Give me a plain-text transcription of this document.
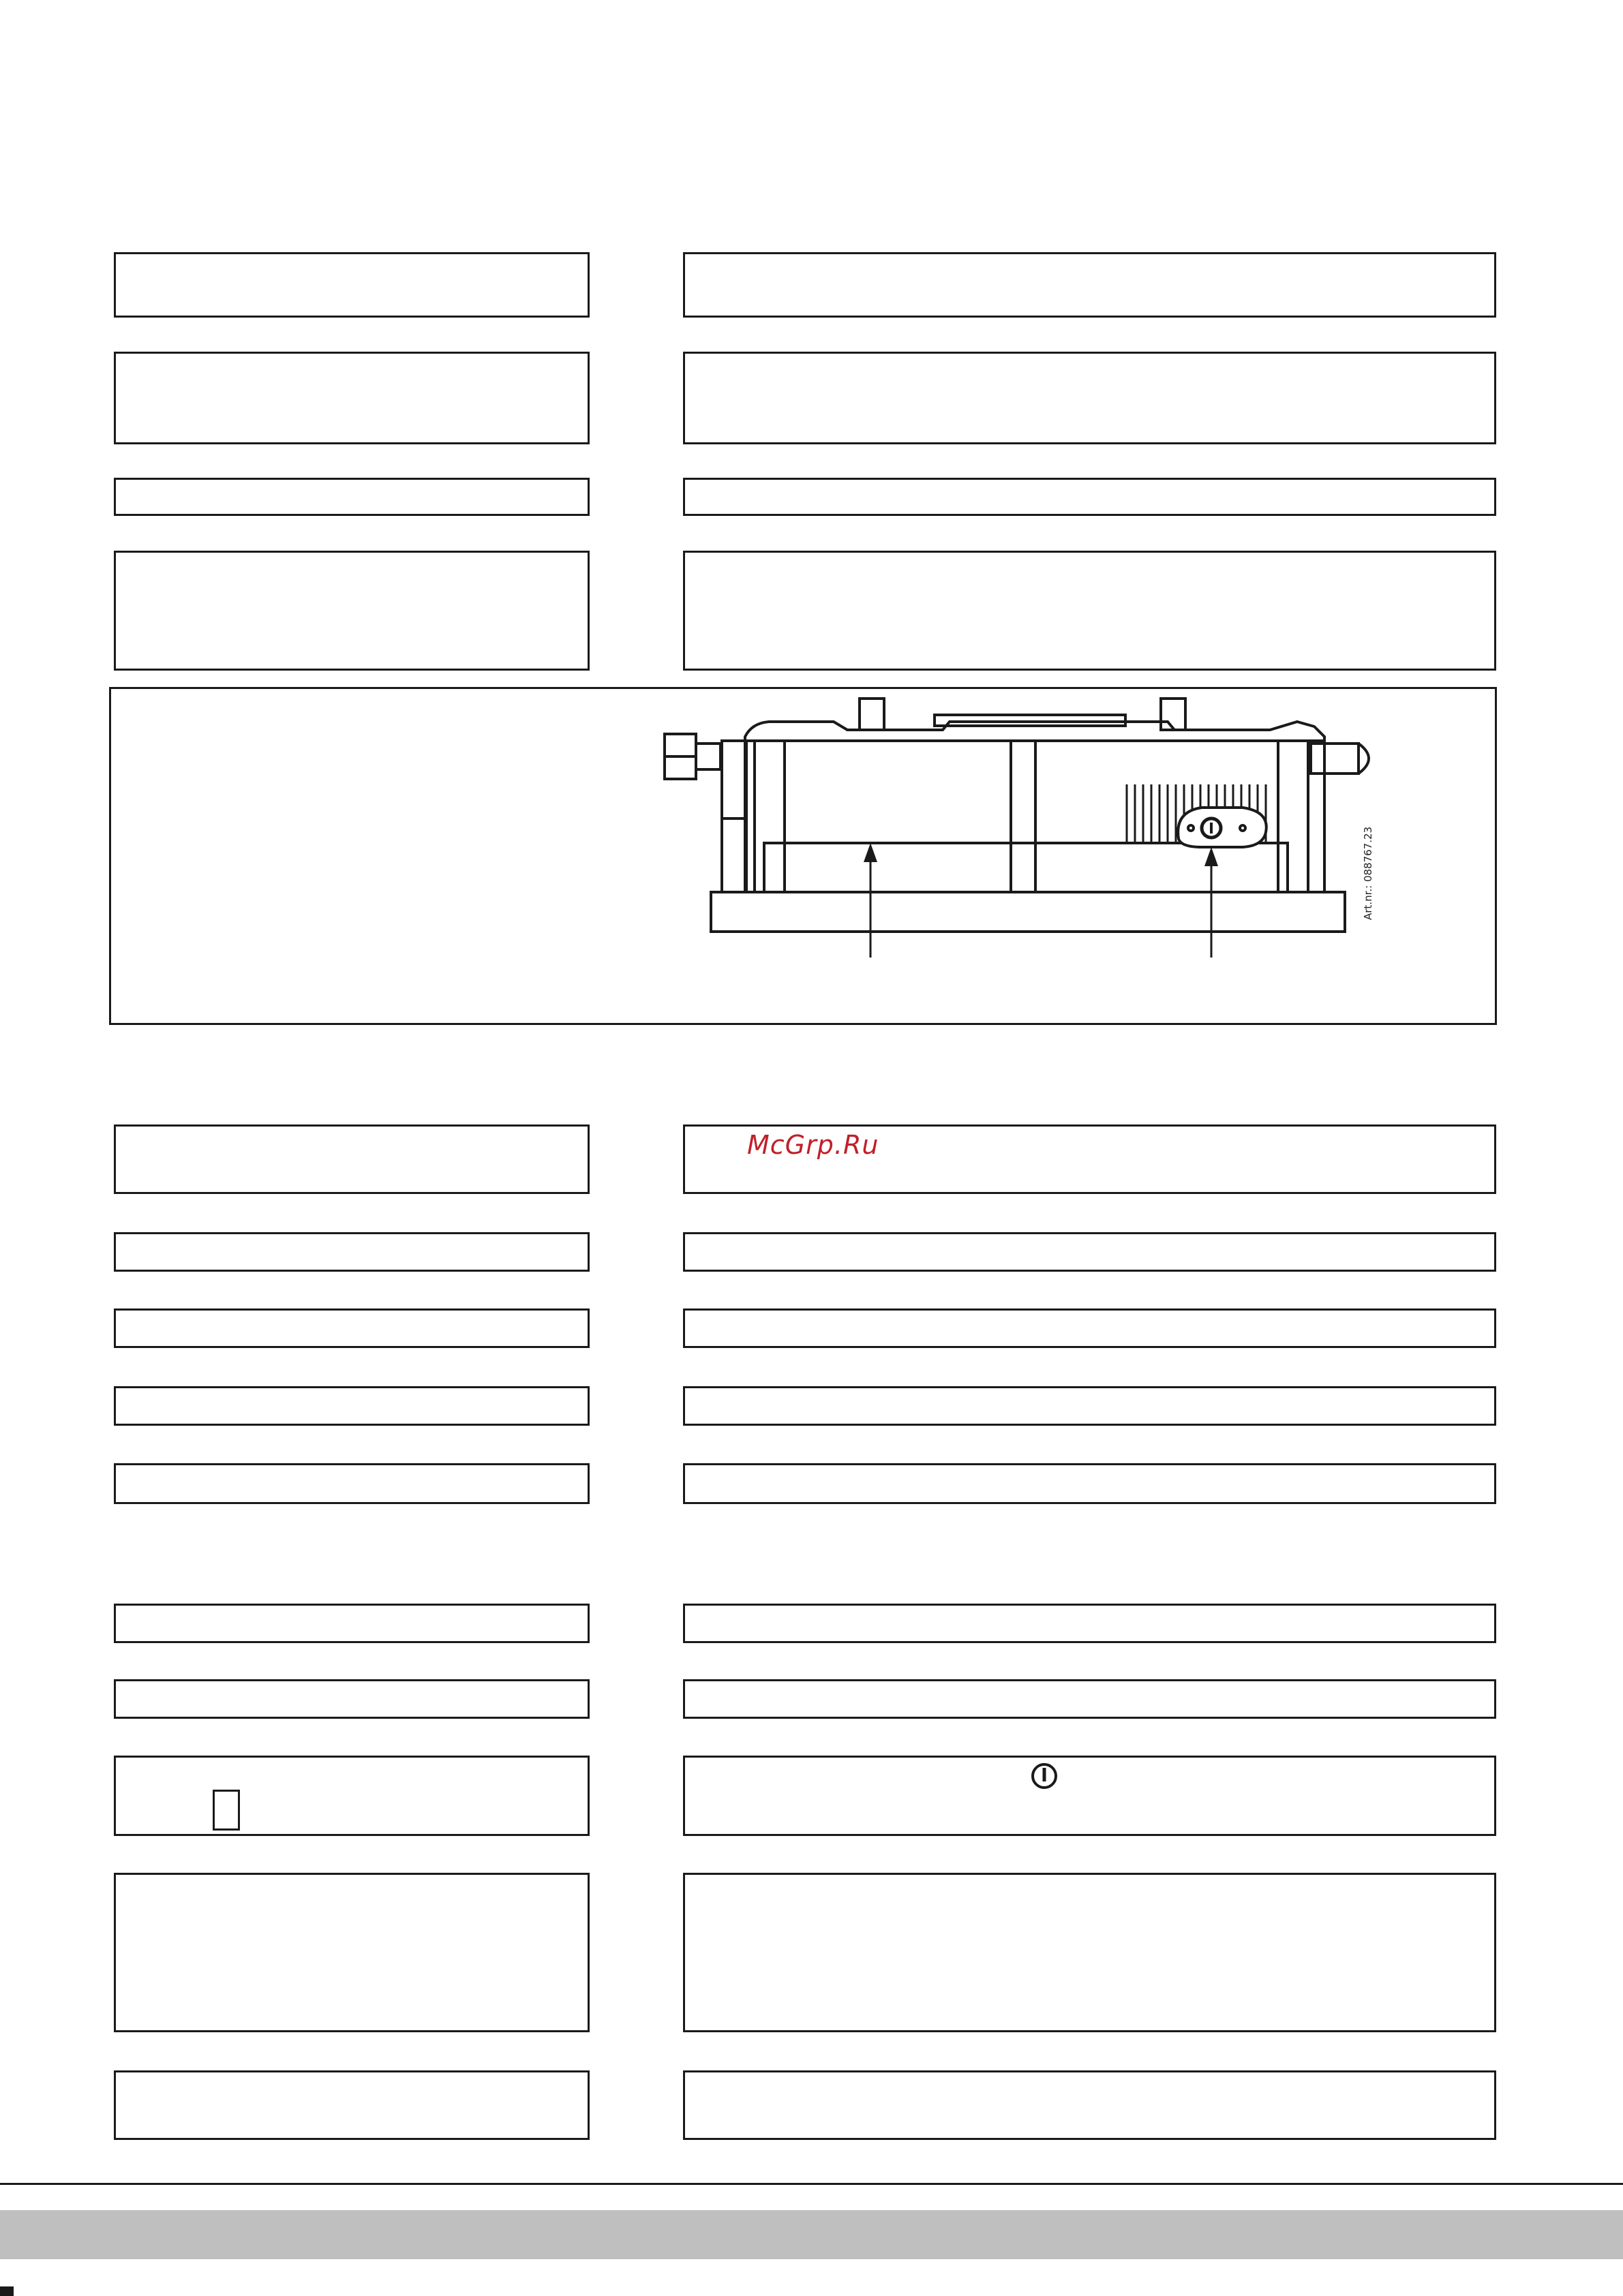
Art.nr.: 088767.23
McGrp.Ru
